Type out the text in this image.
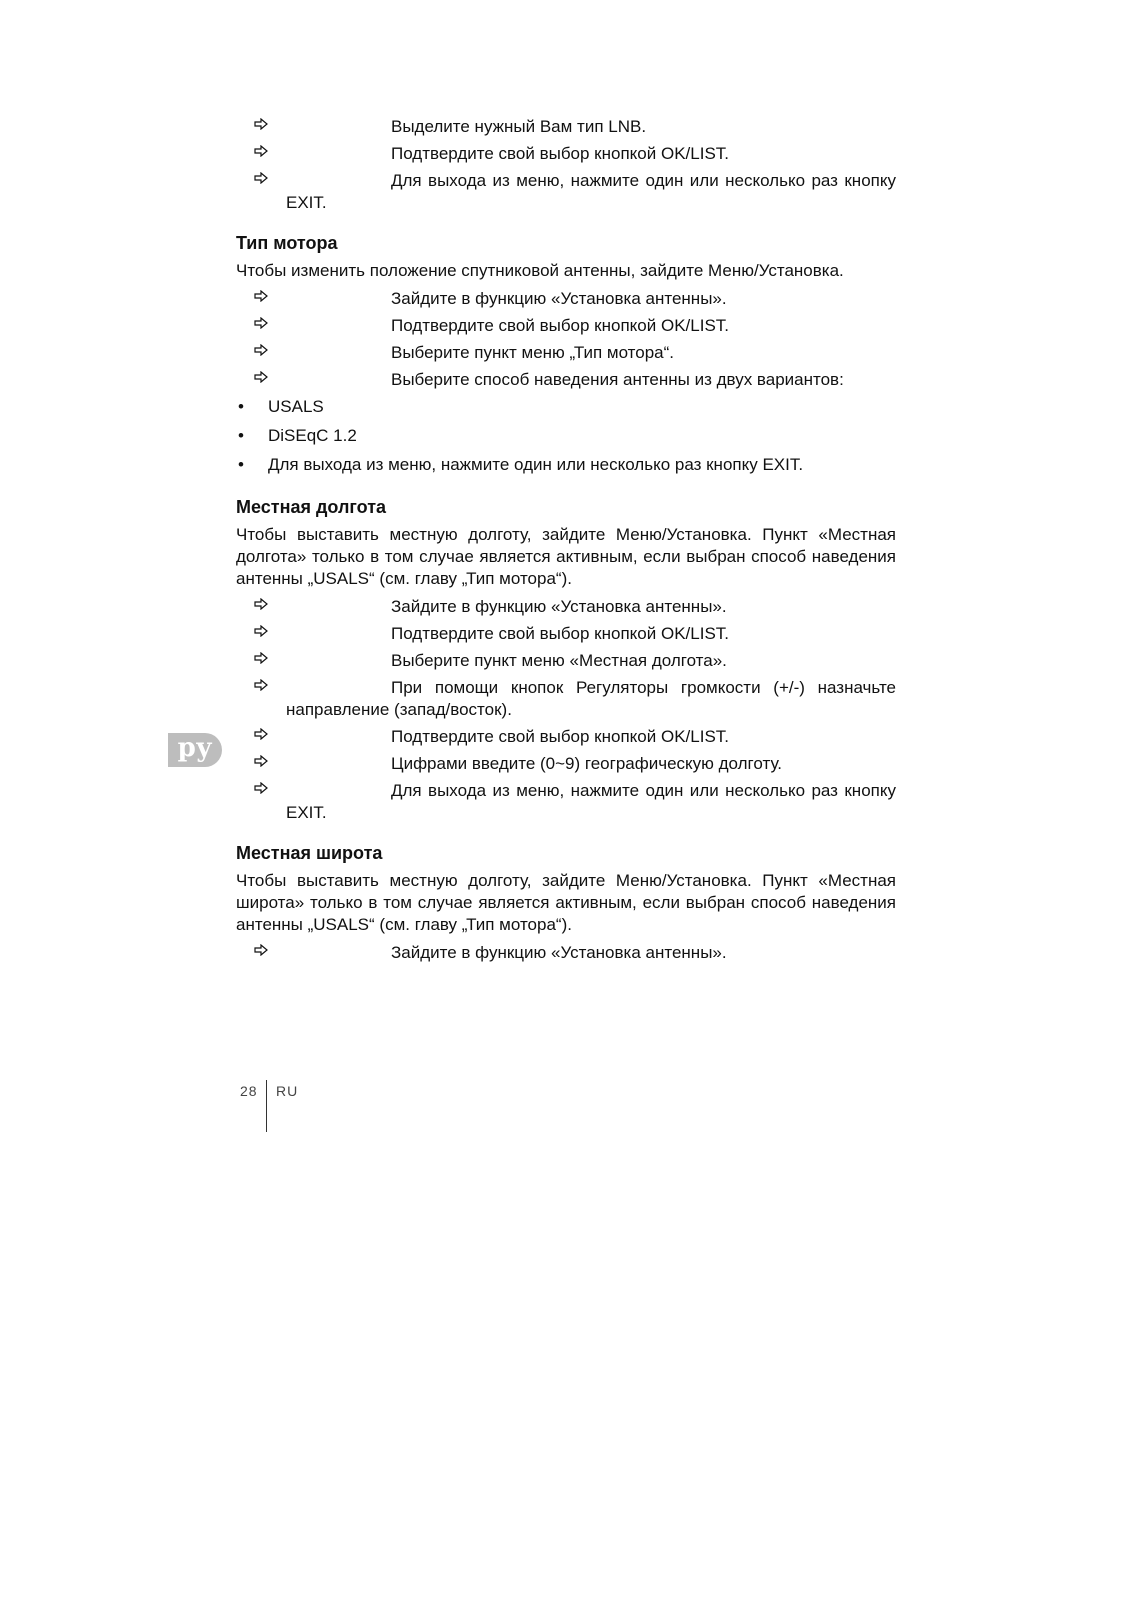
ру
Выделите нужный Вам тип LNB.
Подтвердите свой выбор кнопкой OK/LIST.
Для выхода из меню, нажмите один или несколько раз кнопку EXIT.
Тип мотора
Чтобы изменить положение спутниковой антенны, зайдите Меню/Установка.
Зайдите в функцию «Установка антенны».
Подтвердите свой выбор кнопкой OK/LIST.
Выберите пункт меню „Тип мотора“.
Выберите способ наведения антенны из двух вариантов:
• USALS
• DiSEqC 1.2
• Для выхода из меню, нажмите один или несколько раз кнопку EXIT.
Местная долгота
Чтобы выставить местную долготу, зайдите Меню/Установка. Пункт «Местная долгота» только в том случае является активным, если выбран способ наведения антенны „USALS“ (см. главу „Тип мотора“).
Зайдите в функцию «Установка антенны».
Подтвердите свой выбор кнопкой OK/LIST.
Выберите пункт меню «Местная долгота».
При помощи кнопок Регуляторы громкости (+/-) назначьте направление (запад/восток).
Подтвердите свой выбор кнопкой OK/LIST.
Цифрами введите (0~9) географическую долготу.
Для выхода из меню, нажмите один или несколько раз кнопку EXIT.
Местная широта
Чтобы выставить местную долготу, зайдите Меню/Установка. Пункт «Местная широта» только в том случае является активным, если выбран способ наведения антенны „USALS“ (см. главу „Тип мотора“).
Зайдите в функцию «Установка антенны».
28 RU
